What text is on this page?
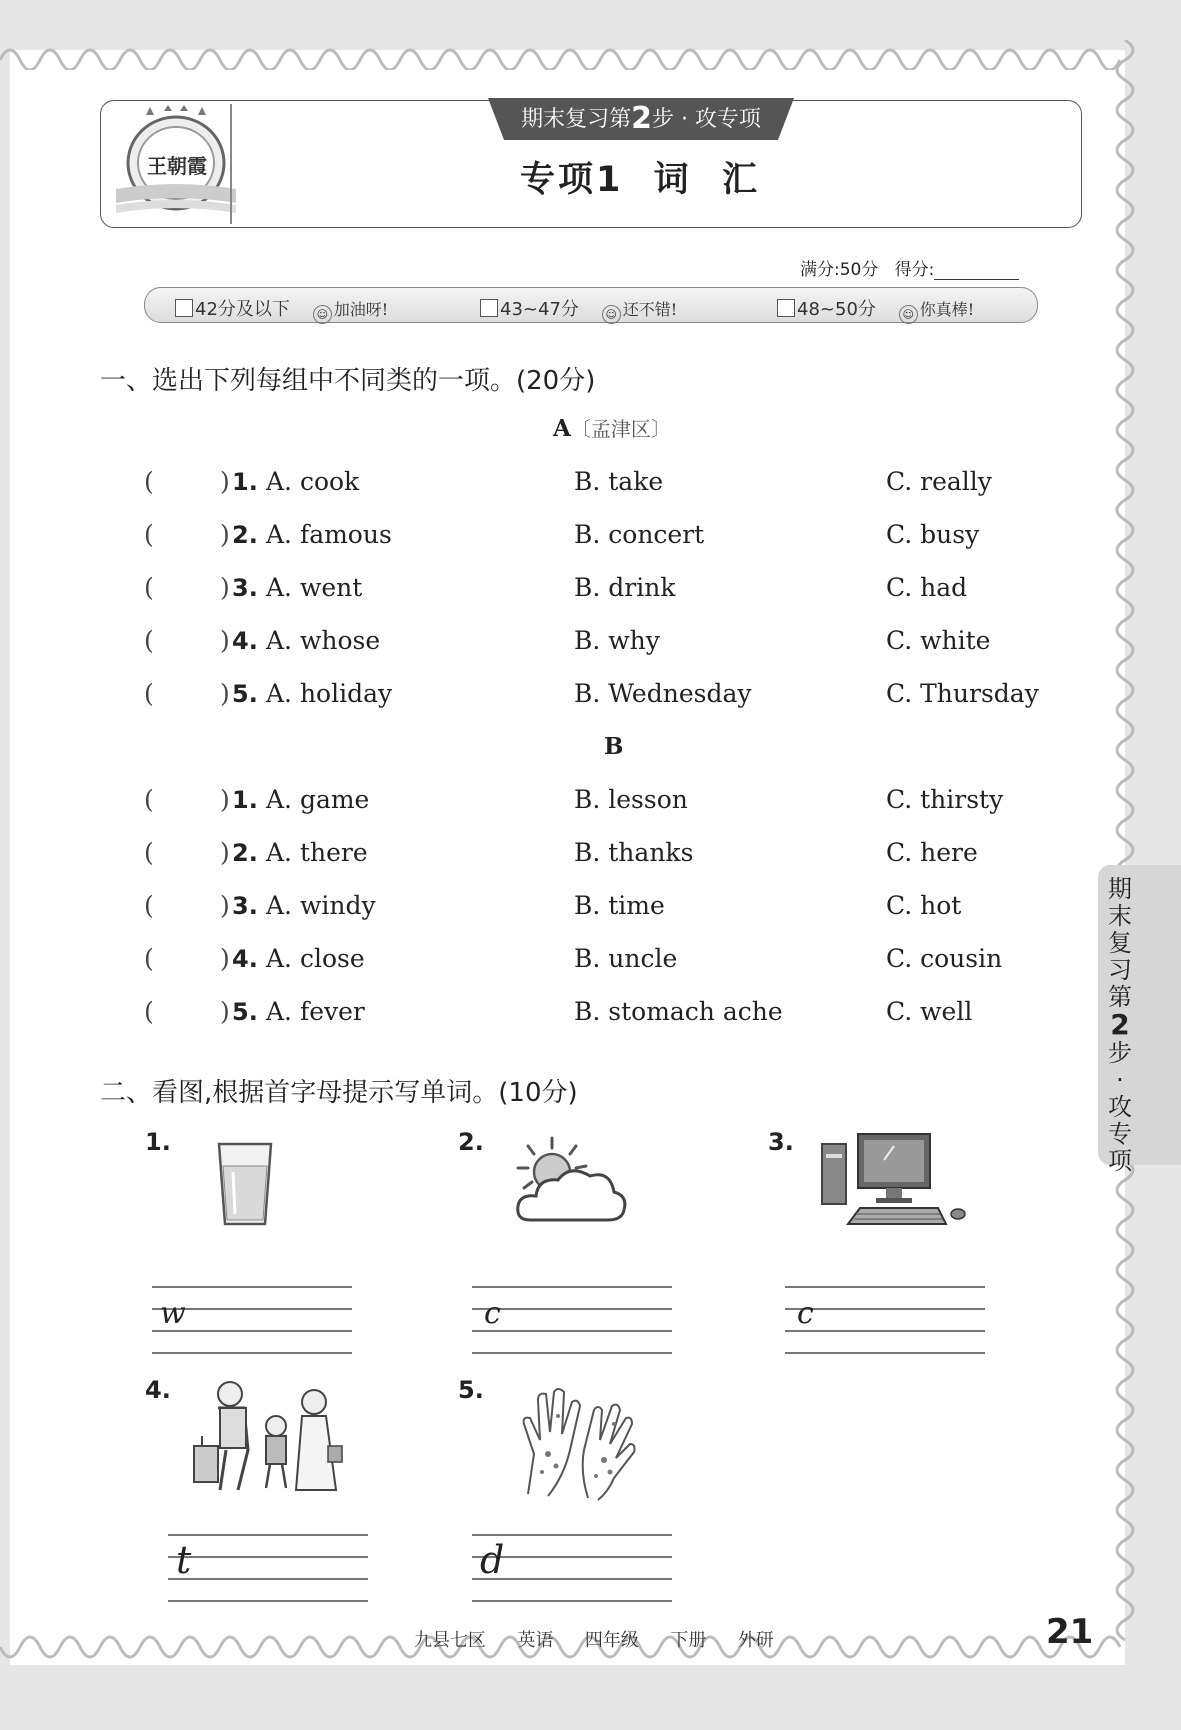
王朝霞
期末复习第2步 · 攻专项
专项1  词  汇
满分:50分 得分:
42分及以下 ☺ 加油呀!	43~47分 ☺ 还不错!	48~50分 ☺ 你真棒!
一、选出下列每组中不同类的一项。(20分)
A〔孟津区〕
(	) 1. A. cook	B. take	C. really
(	) 2. A. famous	B. concert	C. busy
(	) 3. A. went	B. drink	C. had
(	) 4. A. whose	B. why	C. white
(	) 5. A. holiday	B. Wednesday	C. Thursday
B
(	) 1. A. game	B. lesson	C. thirsty
(	) 2. A. there	B. thanks	C. here
(	) 3. A. windy	B. time	C. hot
(	) 4. A. close	B. uncle	C. cousin
(	) 5. A. fever	B. stomach ache	C. well
期末复习第2步·攻专项
二、看图,根据首字母提示写单词。(10分)
1.
w
2.
c
3.
c
4.
t
5.
d
九县七区  英语  四年级  下册  外研	21
